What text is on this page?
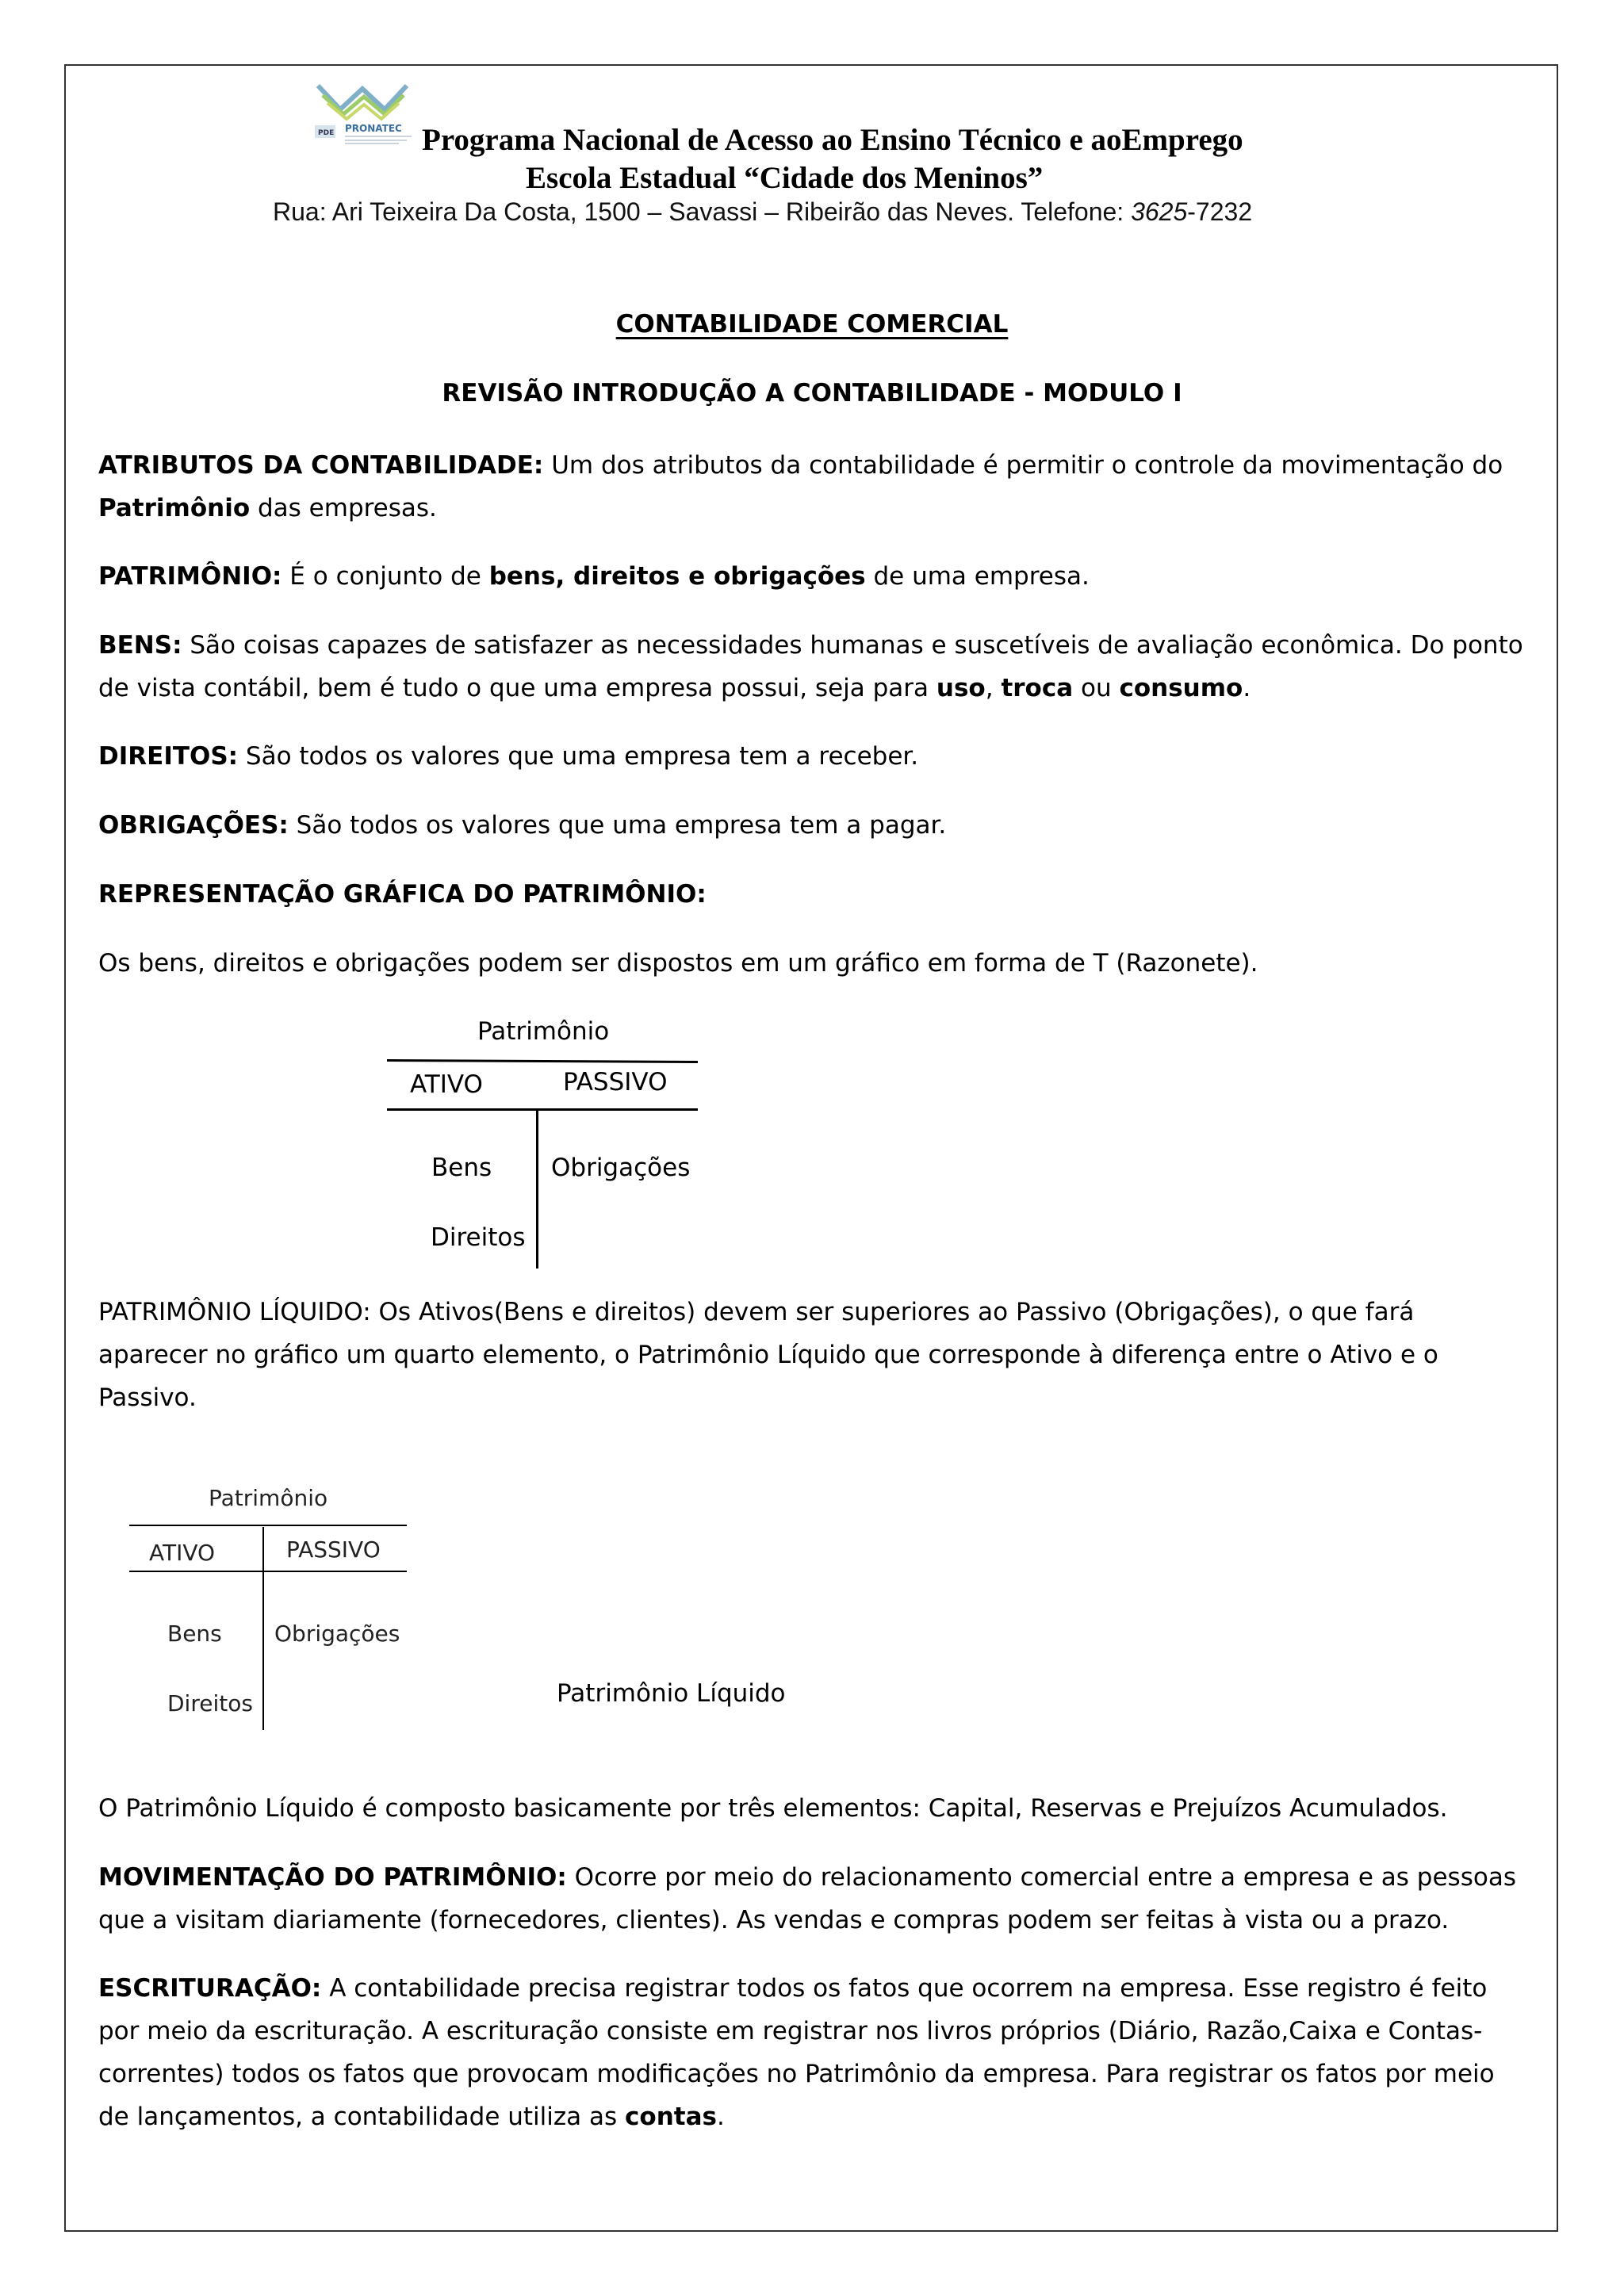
PDE PRONATEC Programa Nacional de Acesso ao Ensino Técnico e aoEmprego
Escola Estadual “Cidade dos Meninos”
Rua: Ari Teixeira Da Costa, 1500 – Savassi – Ribeirão das Neves. Telefone: 3625-7232
CONTABILIDADE COMERCIAL
REVISÃO INTRODUÇÃO A CONTABILIDADE - MODULO I
ATRIBUTOS DA CONTABILIDADE: Um dos atributos da contabilidade é permitir o controle da movimentação do Patrimônio das empresas.
PATRIMÔNIO: É o conjunto de bens, direitos e obrigações de uma empresa.
BENS: São coisas capazes de satisfazer as necessidades humanas e suscetíveis de avaliação econômica. Do ponto de vista contábil, bem é tudo o que uma empresa possui, seja para uso, troca ou consumo.
DIREITOS: São todos os valores que uma empresa tem a receber.
OBRIGAÇÕES: São todos os valores que uma empresa tem a pagar.
REPRESENTAÇÃO GRÁFICA DO PATRIMÔNIO:
Os bens, direitos e obrigações podem ser dispostos em um gráfico em forma de T (Razonete).
Patrimônio
ATIVO	PASSIVO
Bens
Direitos
Obrigações
PATRIMÔNIO LÍQUIDO: Os Ativos(Bens e direitos) devem ser superiores ao Passivo (Obrigações), o que fará aparecer no gráfico um quarto elemento, o Patrimônio Líquido que corresponde à diferença entre o Ativo e o Passivo.
Patrimônio
ATIVO	PASSIVO
Bens
Direitos
Obrigações
Patrimônio Líquido
O Patrimônio Líquido é composto basicamente por três elementos: Capital, Reservas e Prejuízos Acumulados.
MOVIMENTAÇÃO DO PATRIMÔNIO: Ocorre por meio do relacionamento comercial entre a empresa e as pessoas que a visitam diariamente (fornecedores, clientes). As vendas e compras podem ser feitas à vista ou a prazo.
ESCRITURAÇÃO: A contabilidade precisa registrar todos os fatos que ocorrem na empresa. Esse registro é feito por meio da escrituração. A escrituração consiste em registrar nos livros próprios (Diário, Razão,Caixa e Contas-correntes) todos os fatos que provocam modificações no Patrimônio da empresa. Para registrar os fatos por meio de lançamentos, a contabilidade utiliza as contas.
